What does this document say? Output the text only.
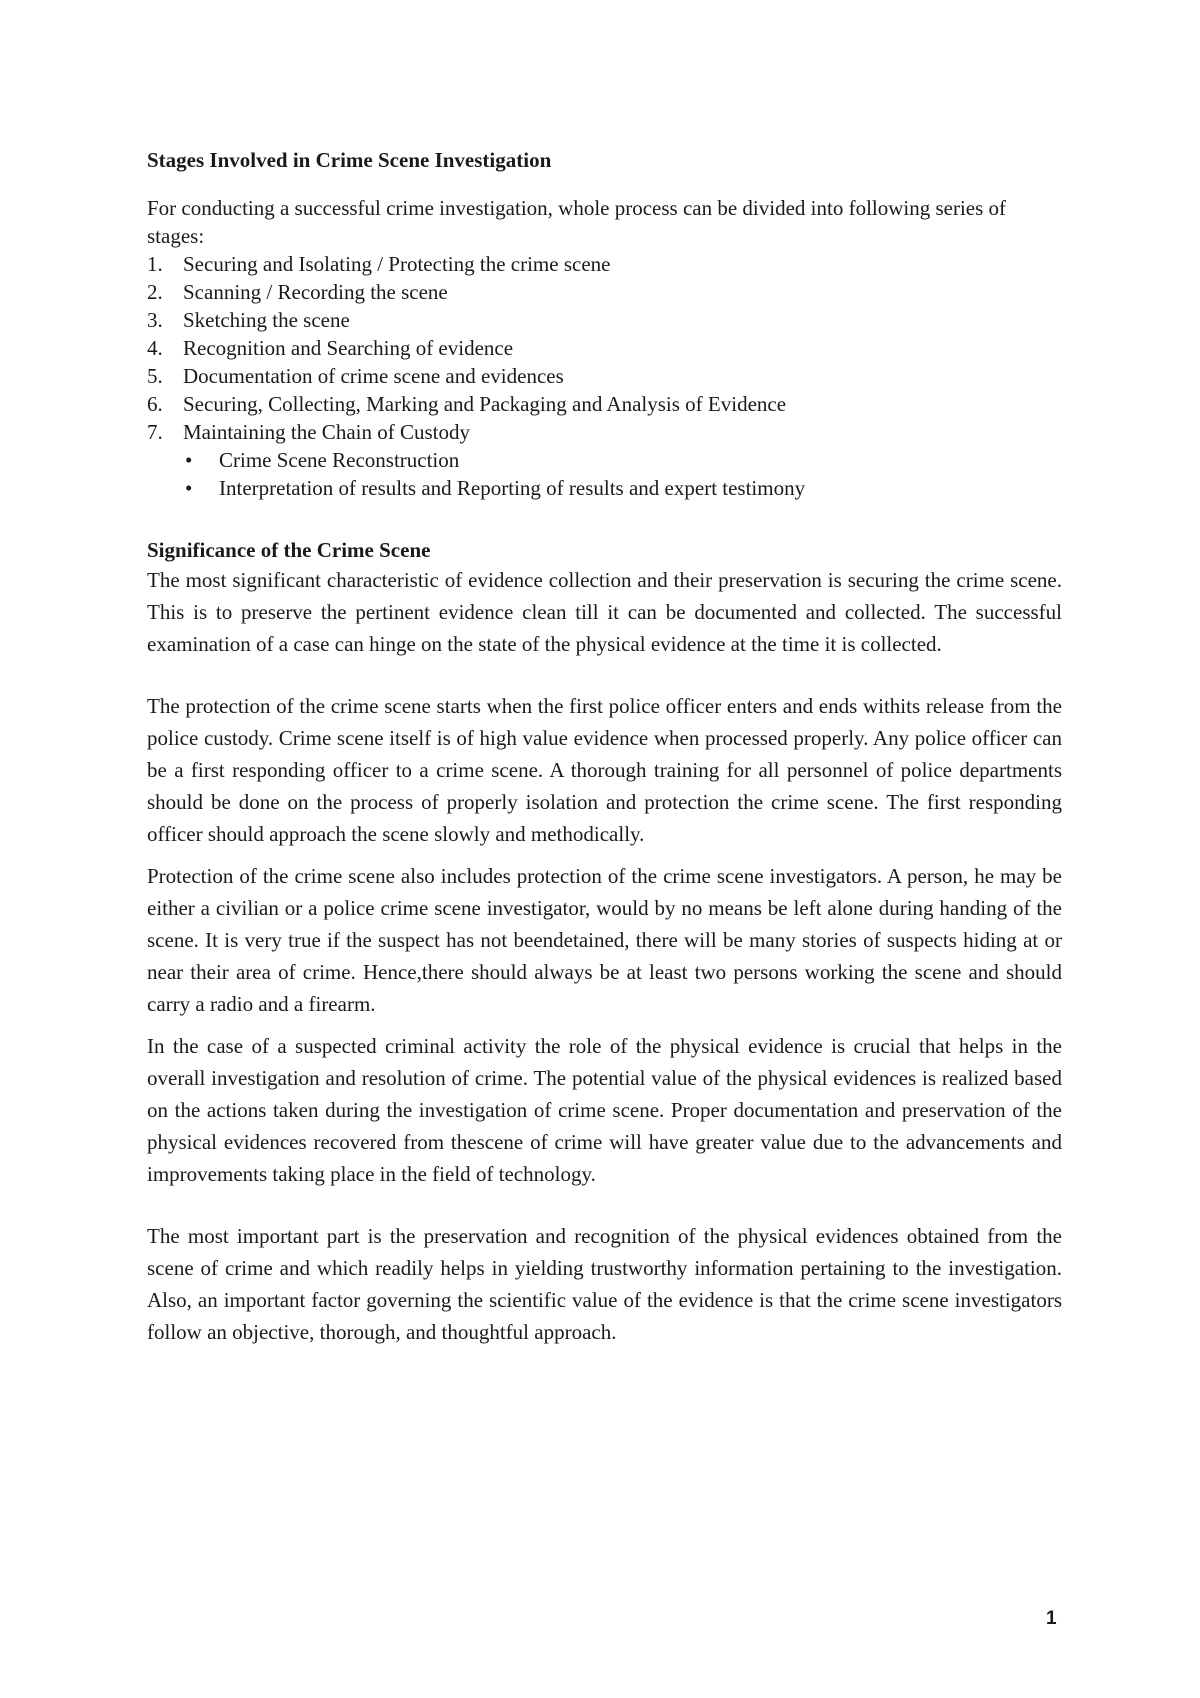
Stages Involved in Crime Scene Investigation

For conducting a successful crime investigation, whole process can be divided into following series of stages:

1. Securing and Isolating / Protecting the crime scene
2. Scanning / Recording the scene
3. Sketching the scene
4. Recognition and Searching of evidence
5. Documentation of crime scene and evidences
6. Securing, Collecting, Marking and Packaging and Analysis of Evidence
7. Maintaining the Chain of Custody
• Crime Scene Reconstruction
• Interpretation of results and Reporting of results and expert testimony
Significance of the Crime Scene

The most significant characteristic of evidence collection and their preservation is securing the crime scene. This is to preserve the pertinent evidence clean till it can be documented and collected. The successful examination of a case can hinge on the state of the physical evidence at the time it is collected.

The protection of the crime scene starts when the first police officer enters and ends withits release from the police custody. Crime scene itself is of high value evidence when processed properly. Any police officer can be a first responding officer to a crime scene. A thorough training for all personnel of police departments should be done on the process of properly isolation and protection the crime scene. The first responding officer should approach the scene slowly and methodically.

Protection of the crime scene also includes protection of the crime scene investigators. A person, he may be either a civilian or a police crime scene investigator, would by no means be left alone during handing of the scene. It is very true if the suspect has not beendetained, there will be many stories of suspects hiding at or near their area of crime. Hence,there should always be at least two persons working the scene and should carry a radio and a firearm.

In the case of a suspected criminal activity the role of the physical evidence is crucial that helps in the overall investigation and resolution of crime. The potential value of the physical evidences is realized based on the actions taken during the investigation of crime scene. Proper documentation and preservation of the physical evidences recovered from thescene of crime will have greater value due to the advancements and improvements taking place in the field of technology.

The most important part is the preservation and recognition of the physical evidences obtained from the scene of crime and which readily helps in yielding trustworthy information pertaining to the investigation. Also, an important factor governing the scientific value of the evidence is that the crime scene investigators follow an objective, thorough, and thoughtful approach.

1
